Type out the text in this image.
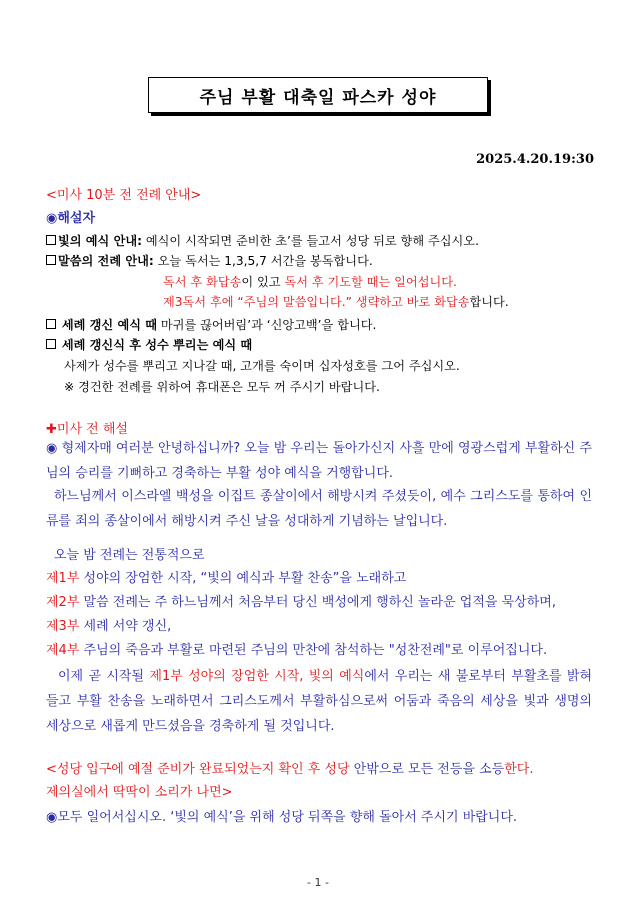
주님 부활 대축일 파스카 성야
2025.4.20.19:30
<미사 10분 전 전례 안내>
◉해설자
빛의 예식 안내: 예식이 시작되면 준비한 초’를 들고서 성당 뒤로 향해 주십시오.
말씀의 전례 안내: 오늘 독서는 1,3,5,7 서간을 봉독합니다.
독서 후 화답송이 있고 독서 후 기도할 때는 일어섭니다.
제3독서 후에 “주님의 말씀입니다.” 생략하고 바로 화답송합니다.
세례 갱신 예식 때 마귀를 끊어버림’과 ‘신앙고백’을 합니다.
세례 갱신식 후 성수 뿌리는 예식 때
사제가 성수를 뿌리고 지나갈 때, 고개를 숙이며 십자성호를 그어 주십시오.
※ 경건한 전례를 위하여 휴대폰은 모두 꺼 주시기 바랍니다.
✚미사 전 해설

◉ 형제자매 여러분 안녕하십니까? 오늘 밤 우리는 돌아가신지 사흘 만에 영광스럽게 부활하신 주님의 승리를 기뻐하고 경축하는 부활 성야 예식을 거행합니다.

하느님께서 이스라엘 백성을 이집트 종살이에서 해방시켜 주셨듯이, 예수 그리스도를 통하여 인류를 죄의 종살이에서 해방시켜 주신 날을 성대하게 기념하는 날입니다.

오늘 밤 전례는 전통적으로
제1부 성야의 장엄한 시작, “빛의 예식과 부활 찬송”을 노래하고
제2부 말씀 전례는 주 하느님께서 처음부터 당신 백성에게 행하신 놀라운 업적을 묵상하며,
제3부 세례 서약 갱신,
제4부 주님의 죽음과 부활로 마련된 주님의 만찬에 참석하는 "성찬전례"로 이루어집니다.

이제 곧 시작될 제1부 성야의 장엄한 시작, 빛의 예식에서 우리는 새 불로부터 부활초를 밝혀 들고 부활 찬송을 노래하면서 그리스도께서 부활하심으로써 어둠과 죽음의 세상을 빛과 생명의 세상으로 새롭게 만드셨음을 경축하게 될 것입니다.

<성당 입구에 예절 준비가 완료되었는지 확인 후 성당 안밖으로 모든 전등을 소등한다.
제의실에서 딱딱이 소리가 나면>
◉모두 일어서십시오. ‘빛의 예식’을 위해 성당 뒤쪽을 향해 돌아서 주시기 바랍니다.
- 1 -
